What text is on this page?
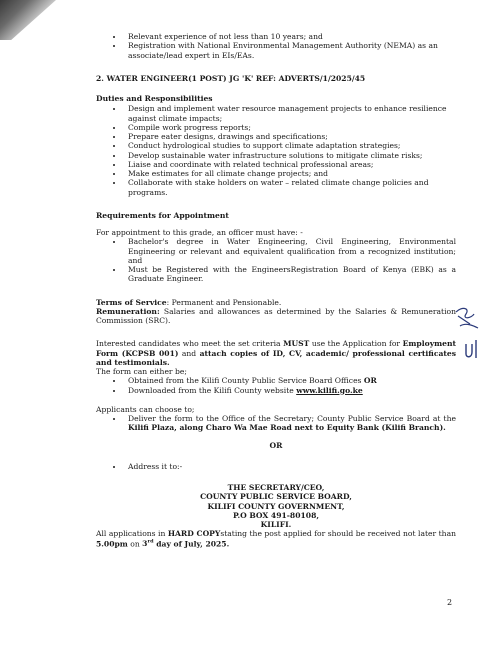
• Relevant experience of not less than 10 years; and
• Registration with National Environmental Management Authority (NEMA) as an associate/lead expert in EIs/EAs.
2. WATER ENGINEER(1 POST) JG 'K' REF: ADVERTS/1/2025/45
Duties and Responsibilities
• Design and implement water resource management projects to enhance resilience against climate impacts;
• Compile work progress reports;
• Prepare eater designs, drawings and specifications;
• Conduct hydrological studies to support climate adaptation strategies;
• Develop sustainable water infrastructure solutions to mitigate climate risks;
• Liaise and coordinate with related technical professional areas;
• Make estimates for all climate change projects; and
• Collaborate with stake holders on water – related climate change policies and programs.
Requirements for Appointment
For appointment to this grade, an officer must have: -
• Bachelor's degree in Water Engineering, Civil Engineering, Environmental Engineering or relevant and equivalent qualification from a recognized institution; and
• Must be Registered with the EngineersRegistration Board of Kenya (EBK) as a Graduate Engineer.
Terms of Service: Permanent and Pensionable.
Remuneration: Salaries and allowances as determined by the Salaries & Remuneration Commission (SRC).
Interested candidates who meet the set criteria MUST use the Application for Employment Form (KCPSB 001) and attach copies of ID, CV, academic/ professional certificates and testimonials.
The form can either be;
• Obtained from the Kilifi County Public Service Board Offices OR
• Downloaded from the Kilifi County website www.kilifi.go.ke
Applicants can choose to;
• Deliver the form to the Office of the Secretary; County Public Service Board at the Kilifi Plaza, along Charo Wa Mae Road next to Equity Bank (Kilifi Branch).
OR
• Address it to:-
THE SECRETARY/CEO,
COUNTY PUBLIC SERVICE BOARD,
KILIFI COUNTY GOVERNMENT,
P.O BOX 491-80108,
KILIFI.
All applications in HARD COPYstating the post applied for should be received not later than 5.00pm on 3rd day of July, 2025.
2
